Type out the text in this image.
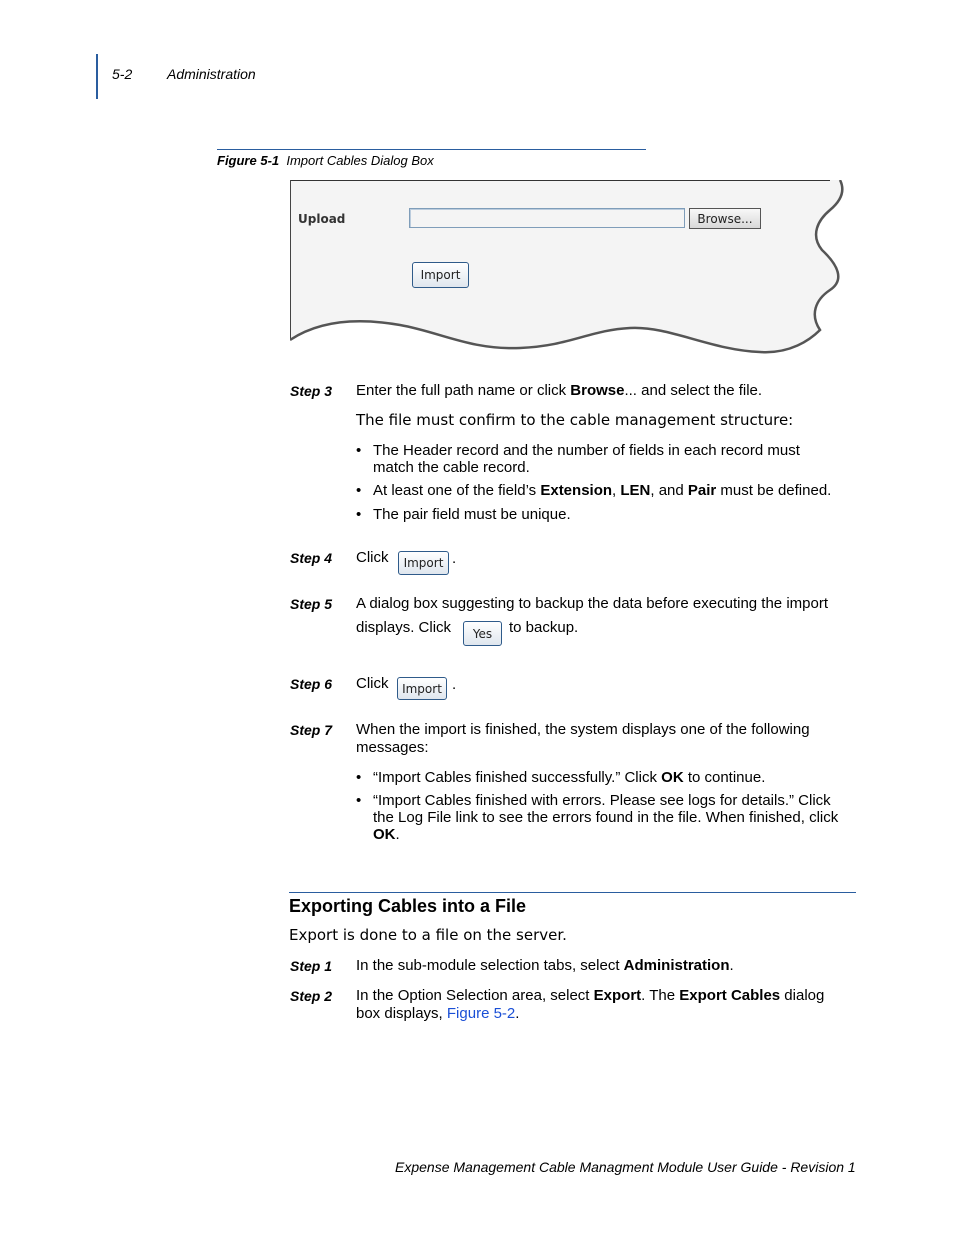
5-2 Administration
Figure 5-1 Import Cables Dialog Box
Upload	Browse...
Import
Step 3 Enter the full path name or click Browse... and select the file.
The file must confirm to the cable management structure:
• The Header record and the number of fields in each record must
match the cable record.
• At least one of the field’s Extension, LEN, and Pair must be defined.
• The pair field must be unique.
Step 4 Click	Import .
Step 5 A dialog box suggesting to backup the data before executing the import
displays. Click	Yes	to backup.
Step 6 Click	Import .
Step 7 When the import is finished, the system displays one of the following
messages:
• “Import Cables finished successfully.” Click OK to continue.
• “Import Cables finished with errors. Please see logs for details.” Click
the Log File link to see the errors found in the file. When finished, click
OK.
Exporting Cables into a File
Export is done to a file on the server.
Step 1 In the sub-module selection tabs, select Administration.
Step 2 In the Option Selection area, select Export. The Export Cables dialog
box displays, Figure 5-2.
Expense Management Cable Managment Module User Guide - Revision 1
